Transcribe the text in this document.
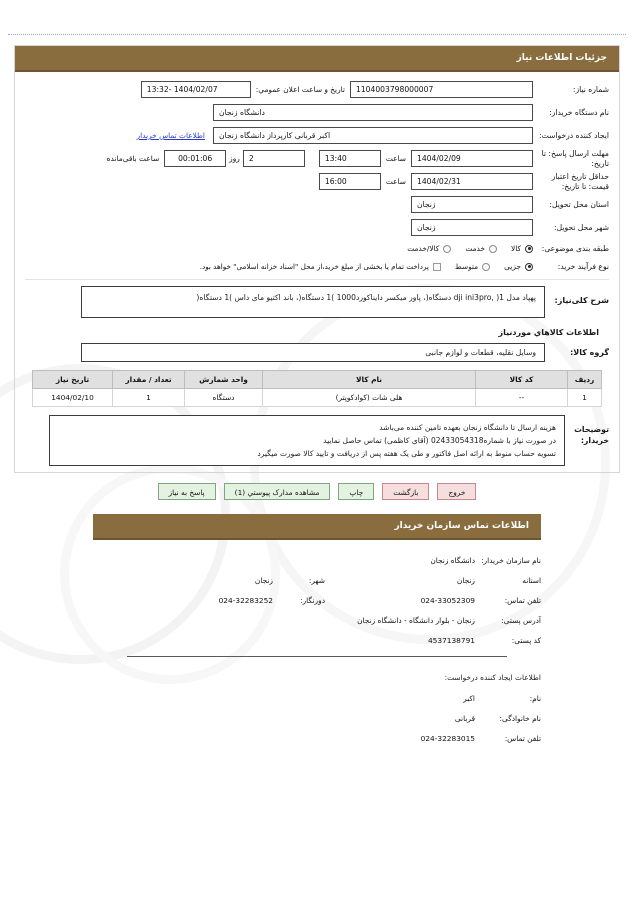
جزئیات اطلاعات نیاز
شماره نیاز:
1104003798000007
تاریخ و ساعت اعلان عمومي:
1404/02/07 -13:32
نام دستگاه خریدار:
دانشگاه زنجان
ایجاد کننده درخواست:
اکبر قربانی کارپرداز دانشگاه زنجان
اطلاعات تماس خریدار
مهلت ارسال پاسخ: تا تاریخ:
1404/02/09
ساعت
13:40
2
روز
00:01:06
ساعت باقی‌مانده
حداقل تاریخ اعتبار قیمت: تا تاریخ:
1404/02/31
ساعت
16:00
استان محل تحویل:
زنجان
شهر محل تحویل:
زنجان
طبقه بندی موضوعی:
کالا
خدمت
کالا/خدمت
نوع فرآیند خرید:
جزیی
متوسط
پرداخت تمام یا بخشی از مبلغ خرید،از محل "اسناد خزانه اسلامی" خواهد بود.
شرح کلی‌نیاز:
پهپاد مدل dji ini3pro, )1 دستگاه(، پاور میکسر دایناکورد1000 )1 دستگاه(، باند اکتیو مای داس )1 دستگاه(
اطلاعات کالاهاي موردنیاز
گروه کالا:
وسایل نقلیه، قطعات و لوازم جانبی
ردیف	کد کالا	نام کالا	واحد شمارش	تعداد / مقدار	تاریخ نیاز
1	--	هلی شات (کوادکوپتر)	دستگاه	1	1404/02/10
توضیحات خریدار:
هزینه ارسال تا دانشگاه زنجان بعهده تامین کننده می‌باشد
در صورت نیاز با شماره02433054318 (آقای کاظمی) تماس حاصل نمایید
تسویه حساب منوط به ارائه اصل فاکتور و طی یک هفته پس از دریافت و تایید کالا صورت میگیرد
خروج
بازگشت
چاپ
مشاهده مدارک پیوستي (1)
پاسخ به نیاز
اطلاعات تماس سازمان خریدار
نام سازمان خریدار:
دانشگاه زنجان
استانه
زنجان
شهر:
زنجان
تلفن تماس:
024-33052309
دورنگار:
024-32283252
آدرس پستی:
زنجان - بلوار دانشگاه - دانشگاه زنجان
کد پستی:
4537138791
اطلاعات ایجاد کننده درخواست:
نام:
اکبر
نام خانوادگی:
قربانی
تلفن تماس:
024-32283015
